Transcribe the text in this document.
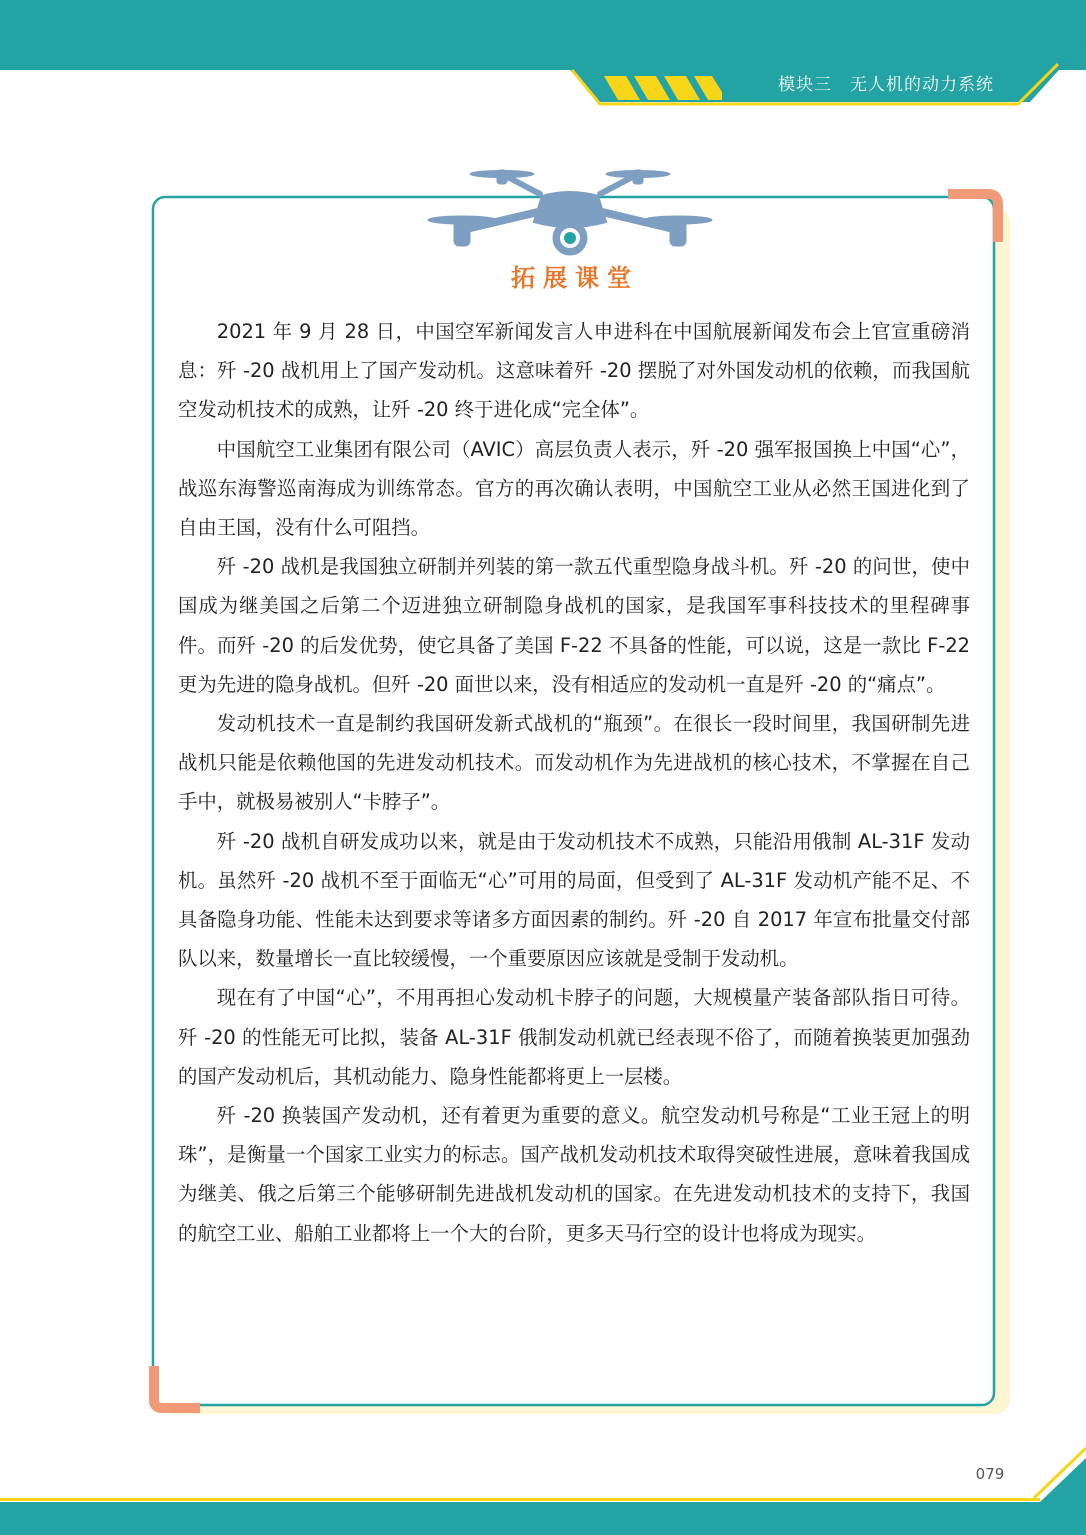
模块三　无人机的动力系统
拓展课堂

2021 年 9 月 28 日，中国空军新闻发言人申进科在中国航展新闻发布会上官宣重磅消息：歼 -20 战机用上了国产发动机。这意味着歼 -20 摆脱了对外国发动机的依赖，而我国航空发动机技术的成熟，让歼 -20 终于进化成“完全体”。

中国航空工业集团有限公司（AVIC）高层负责人表示，歼 -20 强军报国换上中国“心”，战巡东海警巡南海成为训练常态。官方的再次确认表明，中国航空工业从必然王国进化到了自由王国，没有什么可阻挡。

歼 -20 战机是我国独立研制并列装的第一款五代重型隐身战斗机。歼 -20 的问世，使中国成为继美国之后第二个迈进独立研制隐身战机的国家，是我国军事科技技术的里程碑事件。而歼 -20 的后发优势，使它具备了美国 F-22 不具备的性能，可以说，这是一款比 F-22 更为先进的隐身战机。但歼 -20 面世以来，没有相适应的发动机一直是歼 -20 的“痛点”。

发动机技术一直是制约我国研发新式战机的“瓶颈”。在很长一段时间里，我国研制先进战机只能是依赖他国的先进发动机技术。而发动机作为先进战机的核心技术，不掌握在自己手中，就极易被别人“卡脖子”。

歼 -20 战机自研发成功以来，就是由于发动机技术不成熟，只能沿用俄制 AL-31F 发动机。虽然歼 -20 战机不至于面临无“心”可用的局面，但受到了 AL-31F 发动机产能不足、不具备隐身功能、性能未达到要求等诸多方面因素的制约。歼 -20 自 2017 年宣布批量交付部队以来，数量增长一直比较缓慢，一个重要原因应该就是受制于发动机。

现在有了中国“心”，不用再担心发动机卡脖子的问题，大规模量产装备部队指日可待。歼 -20 的性能无可比拟，装备 AL-31F 俄制发动机就已经表现不俗了，而随着换装更加强劲的国产发动机后，其机动能力、隐身性能都将更上一层楼。

歼 -20 换装国产发动机，还有着更为重要的意义。航空发动机号称是“工业王冠上的明珠”，是衡量一个国家工业实力的标志。国产战机发动机技术取得突破性进展，意味着我国成为继美、俄之后第三个能够研制先进战机发动机的国家。在先进发动机技术的支持下，我国的航空工业、船舶工业都将上一个大的台阶，更多天马行空的设计也将成为现实。

079
